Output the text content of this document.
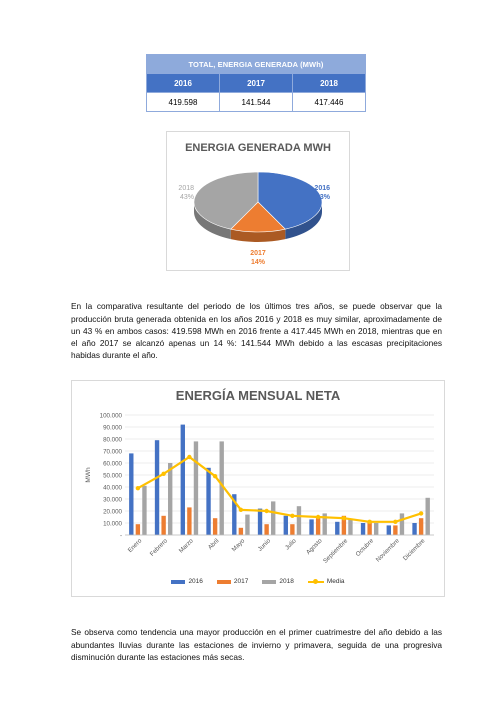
TOTAL, ENERGIA GENERADA (MWh)		
2016	2017	2018
419.598	141.544	417.446
ENERGIA GENERADA MWH
2016
43%
2017
14%
2018
43%

En la comparativa resultante del periodo de los últimos tres años, se puede observar que la producción bruta generada obtenida en los años 2016 y 2018 es muy similar, aproximadamente de un 43 % en ambos casos: 419.598 MWh en 2016 frente a 417.445 MWh en 2018, mientras que en el año 2017 se alcanzó apenas un 14 %: 141.544 MWh debido a las escasas precipitaciones habidas durante el año.

ENERGÍA MENSUAL NETA
-
10.000
20.000
30.000
40.000
50.000
60.000
70.000
80.000
90.000
100.000
MWh
Enero Febrero Marzo Abril Mayo Junio Julio Agosto
Septiembre Octubre Noviembre Diciembre
2016	2017	2018	Media

Se observa como tendencia una mayor producción en el primer cuatrimestre del año debido a las abundantes lluvias durante las estaciones de invierno y primavera, seguida de una progresiva disminución durante las estaciones más secas.
